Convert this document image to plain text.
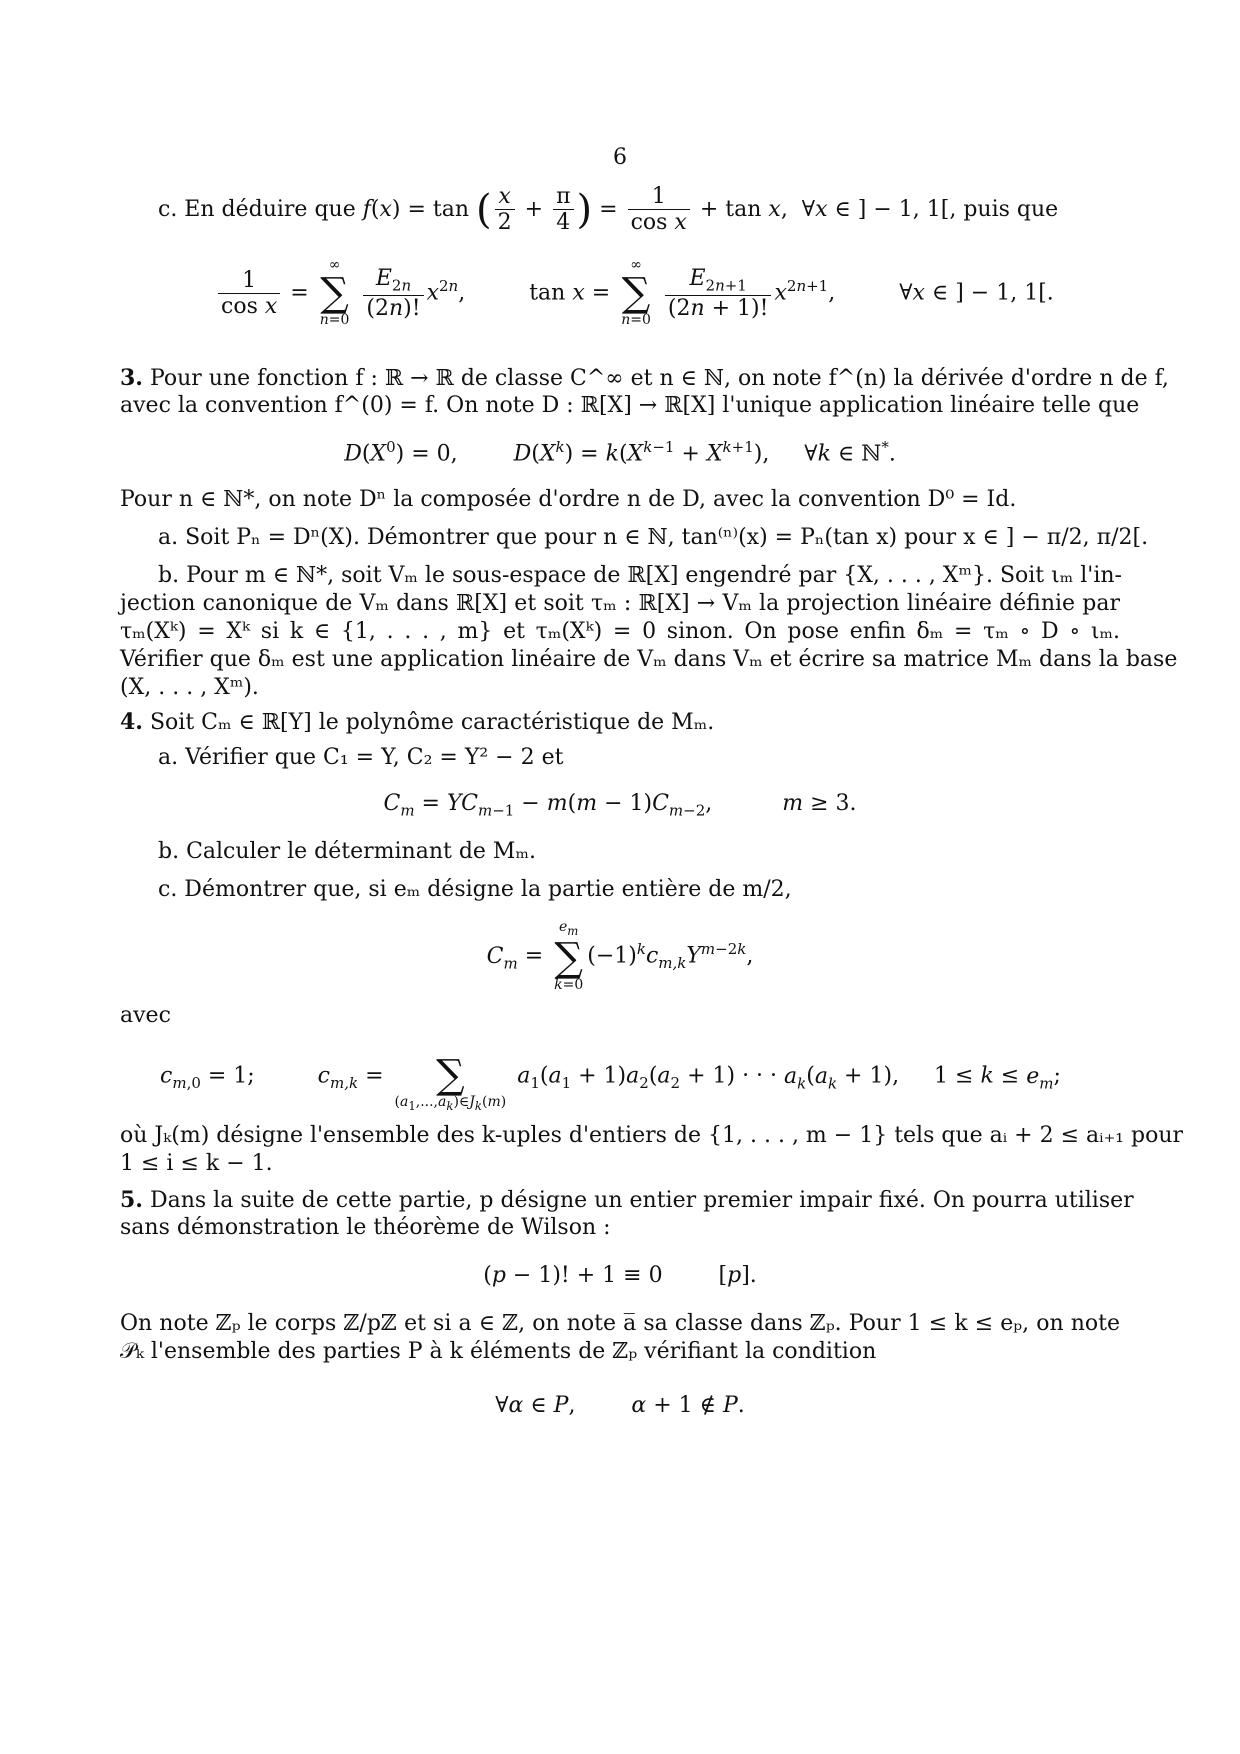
6
c. En déduire que f(x) = tan ( $\frac{x}{2} + \frac{\pi}{4}$ ) = $\frac{1}{\text{cos x}} + \tan x$,  ∀x ∈ ] − 1, 1[, puis que
$\frac{1}{\text{cos x}}$ =
∞
∑
n=0
$\frac{E_{2n}}{(2n)!} x^{2n}$,  tan x =
∞
∑
n=0
$\frac{E_{2n+1}}{(2n + 1)!} x^{2n+1}$,  ∀x ∈ ] − 1, 1[.
3. Pour une fonction f : ℝ → ℝ de classe C^∞ et n ∈ ℕ, on note f^(n) la dérivée d'ordre n de f,
avec la convention f^(0) = f. On note D : ℝ[X] → ℝ[X] l'unique application linéaire telle que
$D(X^0) = 0$,        $D(X^k) = k(X^{k-1} + X^{k+1})$,     ∀k ∈ ℕ*.
Pour n ∈ ℕ*, on note Dⁿ la composée d'ordre n de D, avec la convention D⁰ = Id.
a. Soit Pₙ = Dⁿ(X). Démontrer que pour n ∈ ℕ, tan⁽ⁿ⁾(x) = Pₙ(tan x) pour x ∈ ] − π/2, π/2[.
b. Pour m ∈ ℕ*, soit Vₘ le sous-espace de ℝ[X] engendré par {X, . . . , Xᵐ}. Soit ιₘ l'in-
jection canonique de Vₘ dans ℝ[X] et soit τₘ : ℝ[X] → Vₘ la projection linéaire définie par
τₘ(Xᵏ) = Xᵏ si k ∈ {1, . . . , m} et τₘ(Xᵏ) = 0 sinon. On pose enfin δₘ = τₘ ∘ D ∘ ιₘ.
Vérifier que δₘ est une application linéaire de Vₘ dans Vₘ et écrire sa matrice Mₘ dans la base
(X, . . . , Xᵐ).
4. Soit Cₘ ∈ ℝ[Y] le polynôme caractéristique de Mₘ.
a. Vérifier que C₁ = Y, C₂ = Y² − 2 et
$C_m = YC_{m-1} - m(m - 1)C_{m-2}$,          m ≥ 3.
b. Calculer le déterminant de Mₘ.
c. Démontrer que, si eₘ désigne la partie entière de m/2,
$C_m$ =
$e_m$
∑
k=0
$(-1)^kc_{m,k}Y^{m-2k}$,
avec
$c_{m,0} = 1$;         $c_{m,k}$ =
	∑
$(a_1,...,a_k)\in J_k(m)$
$a_1(a_1 + 1)a_2(a_2 + 1)$ · · · $a_k(a_k + 1)$,     $1 \le k \le e_m$;
où Jₖ(m) désigne l'ensemble des k-uples d'entiers de {1, . . . , m − 1} tels que aᵢ + 2 ≤ aᵢ₊₁ pour
1 ≤ i ≤ k − 1.
5. Dans la suite de cette partie, p désigne un entier premier impair fixé. On pourra utiliser
sans démonstration le théorème de Wilson :
(p − 1)! + 1 ≡ 0        [p].
On note ℤₚ le corps ℤ/pℤ et si a ∈ ℤ, on note a̅ sa classe dans ℤₚ. Pour 1 ≤ k ≤ eₚ, on note
𝒫ₖ l'ensemble des parties P à k éléments de ℤₚ vérifiant la condition
∀α ∈ P,        α + 1 ∉ P.
